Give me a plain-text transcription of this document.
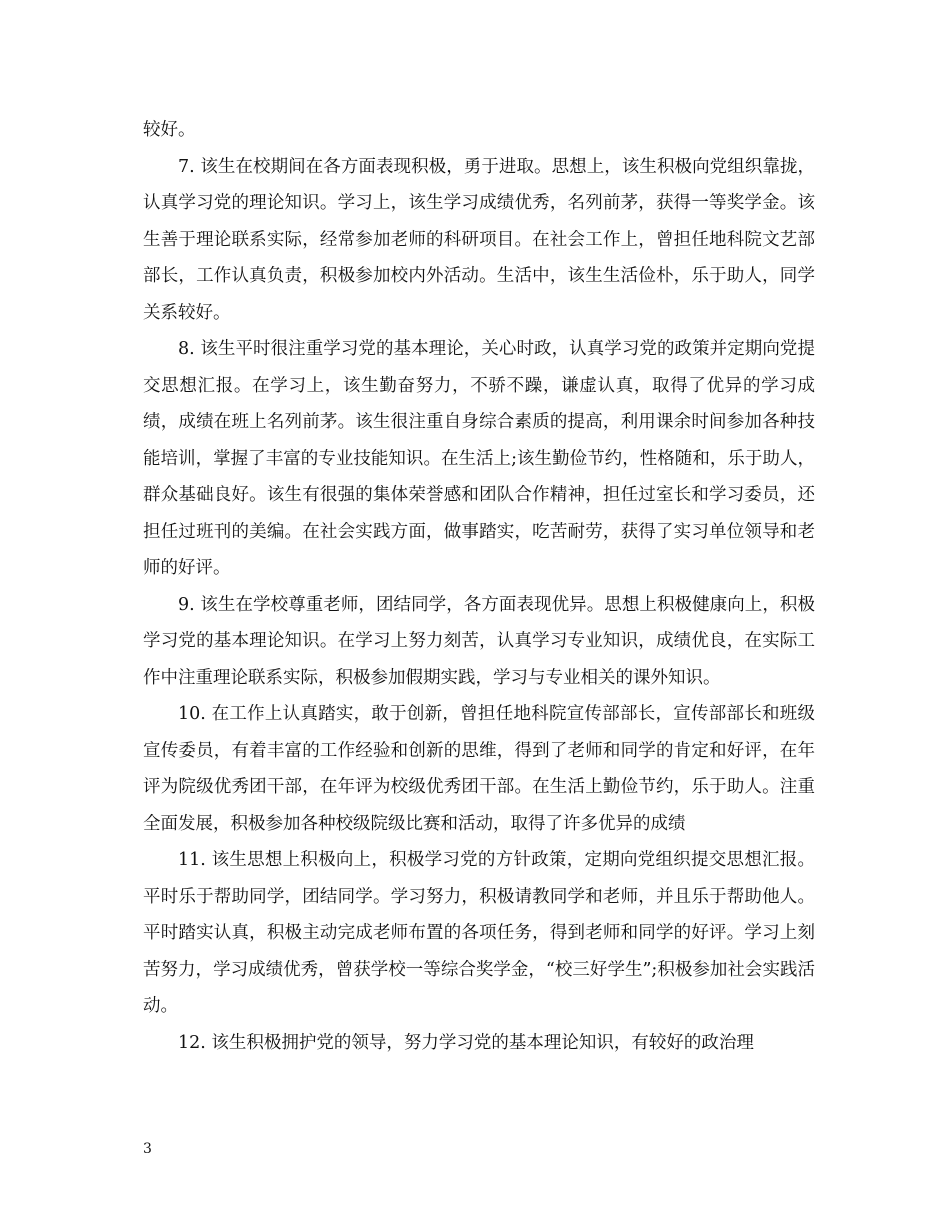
较好。

7. 该生在校期间在各方面表现积极，勇于进取。思想上，该生积极向党组织靠拢，认真学习党的理论知识。学习上，该生学习成绩优秀，名列前茅，获得一等奖学金。该生善于理论联系实际，经常参加老师的科研项目。在社会工作上，曾担任地科院文艺部部长，工作认真负责，积极参加校内外活动。生活中，该生生活俭朴，乐于助人，同学关系较好。

8. 该生平时很注重学习党的基本理论，关心时政，认真学习党的政策并定期向党提交思想汇报。在学习上，该生勤奋努力，不骄不躁，谦虚认真，取得了优异的学习成绩，成绩在班上名列前茅。该生很注重自身综合素质的提高，利用课余时间参加各种技能培训，掌握了丰富的专业技能知识。在生活上;该生勤俭节约，性格随和，乐于助人，群众基础良好。该生有很强的集体荣誉感和团队合作精神，担任过室长和学习委员，还担任过班刊的美编。在社会实践方面，做事踏实，吃苦耐劳，获得了实习单位领导和老师的好评。

9. 该生在学校尊重老师，团结同学，各方面表现优异。思想上积极健康向上，积极学习党的基本理论知识。在学习上努力刻苦，认真学习专业知识，成绩优良，在实际工作中注重理论联系实际，积极参加假期实践，学习与专业相关的课外知识。

10. 在工作上认真踏实，敢于创新，曾担任地科院宣传部部长，宣传部部长和班级宣传委员，有着丰富的工作经验和创新的思维，得到了老师和同学的肯定和好评，在年评为院级优秀团干部，在年评为校级优秀团干部。在生活上勤俭节约，乐于助人。注重全面发展，积极参加各种校级院级比赛和活动，取得了许多优异的成绩

11. 该生思想上积极向上，积极学习党的方针政策，定期向党组织提交思想汇报。平时乐于帮助同学，团结同学。学习努力，积极请教同学和老师，并且乐于帮助他人。平时踏实认真，积极主动完成老师布置的各项任务，得到老师和同学的好评。学习上刻苦努力，学习成绩优秀，曾获学校一等综合奖学金，“校三好学生”;积极参加社会实践活动。

12. 该生积极拥护党的领导，努力学习党的基本理论知识，有较好的政治理

3
